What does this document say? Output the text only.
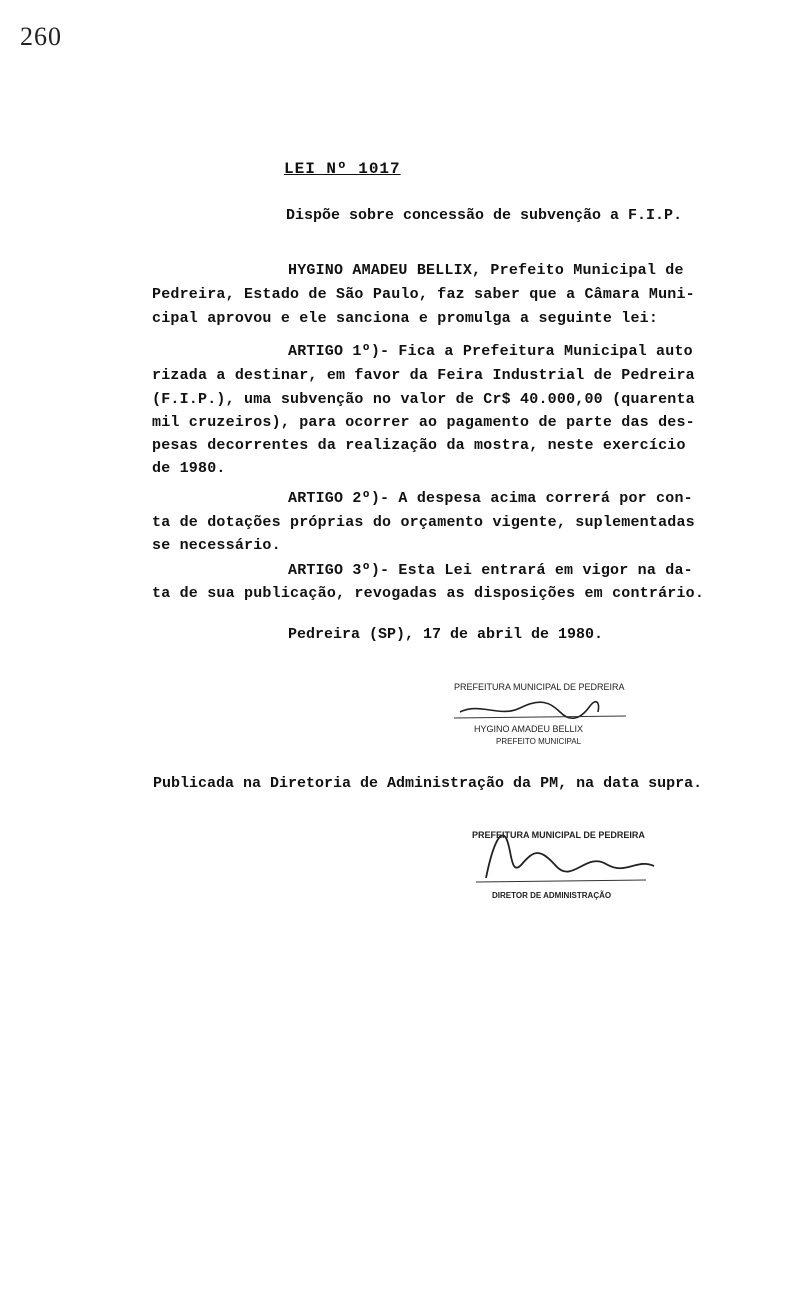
260
LEI Nº 1017
Dispõe sobre concessão de subvenção a F.I.P.
HYGINO AMADEU BELLIX, Prefeito Municipal de
Pedreira, Estado de São Paulo, faz saber que a Câmara Muni-
cipal aprovou e ele sanciona e promulga a seguinte lei:
ARTIGO 1º)- Fica a Prefeitura Municipal auto
rizada a destinar, em favor da Feira Industrial de Pedreira
(F.I.P.), uma subvenção no valor de Cr$ 40.000,00 (quarenta
mil cruzeiros), para ocorrer ao pagamento de parte das des-
pesas decorrentes da realização da mostra, neste exercício
de 1980.
ARTIGO 2º)- A despesa acima correrá por con-
ta de dotações próprias do orçamento vigente, suplementadas
se necessário.
ARTIGO 3º)- Esta Lei entrará em vigor na da-
ta de sua publicação, revogadas as disposições em contrário.
Pedreira (SP), 17 de abril de 1980.
PREFEITURA MUNICIPAL DE PEDREIRA
HYGINO AMADEU BELLIX
PREFEITO MUNICIPAL
Publicada na Diretoria de Administração da PM, na data supra.
PREFEITURA MUNICIPAL DE PEDREIRA
DIRETOR DE ADMINISTRAÇÃO
